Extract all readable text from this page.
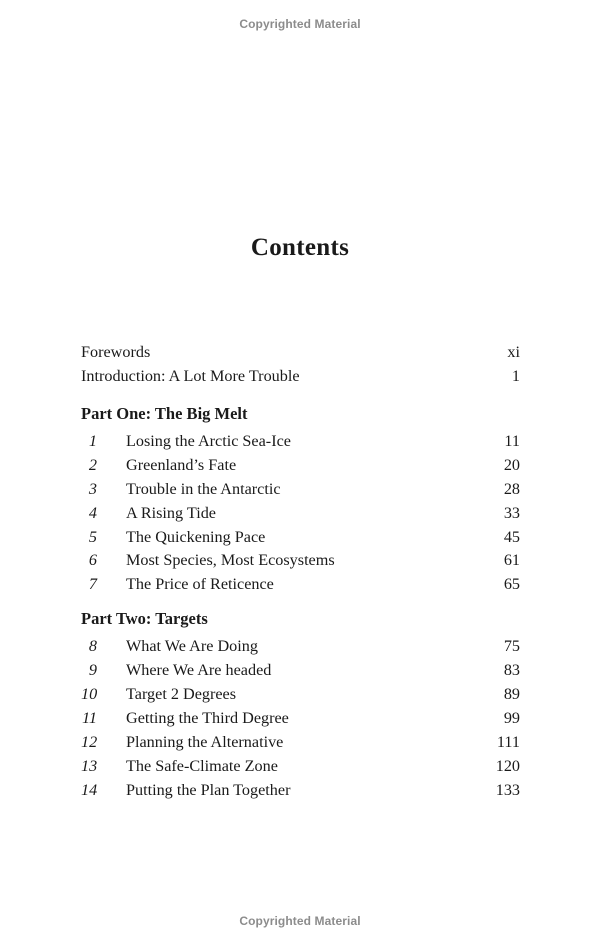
Copyrighted Material
Contents
Forewords	xi
Introduction: A Lot More Trouble	1
Part One: The Big Melt
1 Losing the Arctic Sea-Ice	11
2 Greenland’s Fate	20
3 Trouble in the Antarctic	28
4 A Rising Tide	33
5 The Quickening Pace	45
6 Most Species, Most Ecosystems	61
7 The Price of Reticence	65
Part Two: Targets
8 What We Are Doing	75
9 Where We Are headed	83
10 Target 2 Degrees	89
11 Getting the Third Degree	99
12 Planning the Alternative	111
13 The Safe-Climate Zone	120
14 Putting the Plan Together	133
Copyrighted Material
